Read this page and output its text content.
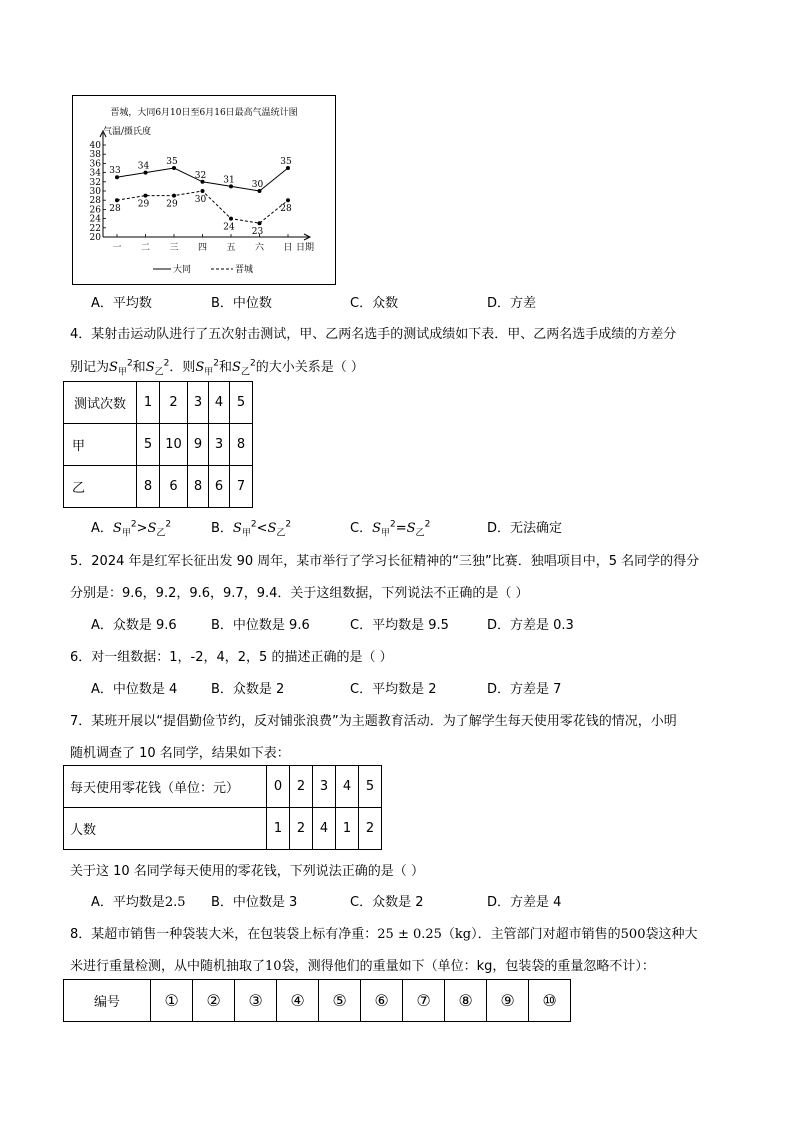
晋城，大同6月10日至6月16日最高气温统计图
气温/摄氏度
20
22
24
26
28
30
32
34
36
38
40
一 二 三 四 五 六 日 日期
33 34 35
32 31 30
35
28 29 29 30
24 23
28
大同	晋城
A．平均数	B．中位数	C．众数	D．方差
4．某射击运动队进行了五次射击测试，甲、乙两名选手的测试成绩如下表．甲、乙两名选手成绩的方差分
别记为$S_甲^2$和$S_乙^2$．则$S_甲^2$和$S_乙^2$的大小关系是（ ）
测试次数	1	2	3	4	5
甲	5	10	9	3	8
乙	8	6	8	6	7
A．$S_甲^2>S_乙^2$	B．$S_甲^2<S_乙^2$	C．$S_甲^2=S_乙^2$	D．无法确定
5．2024 年是红军长征出发 90 周年，某市举行了学习长征精神的“三独”比赛．独唱项目中，5 名同学的得分
分别是：9.6，9.2，9.6，9.7，9.4．关于这组数据，下列说法不正确的是（ ）
A．众数是 9.6	B．中位数是 9.6	C．平均数是 9.5	D．方差是 0.3
6．对一组数据：1，-2，4，2，5 的描述正确的是（ ）
A．中位数是 4	B．众数是 2	C．平均数是 2	D．方差是 7
7．某班开展以“提倡勤俭节约，反对铺张浪费”为主题教育活动．为了解学生每天使用零花钱的情况，小明
随机调查了 10 名同学，结果如下表：
每天使用零花钱（单位：元）	0	2	3	4	5
人数	1	2	4	1	2
关于这 10 名同学每天使用的零花钱，下列说法正确的是（ ）
A．平均数是2.5 B．中位数是 3	C．众数是 2	D．方差是 4
8．某超市销售一种袋装大米，在包装袋上标有净重：25 ± 0.25（kg）．主管部门对超市销售的500袋这种大
米进行重量检测，从中随机抽取了10袋，测得他们的重量如下（单位：kg，包装袋的重量忽略不计）：
编号	①	②	③	④	⑤	⑥	⑦	⑧	⑨	⑩
